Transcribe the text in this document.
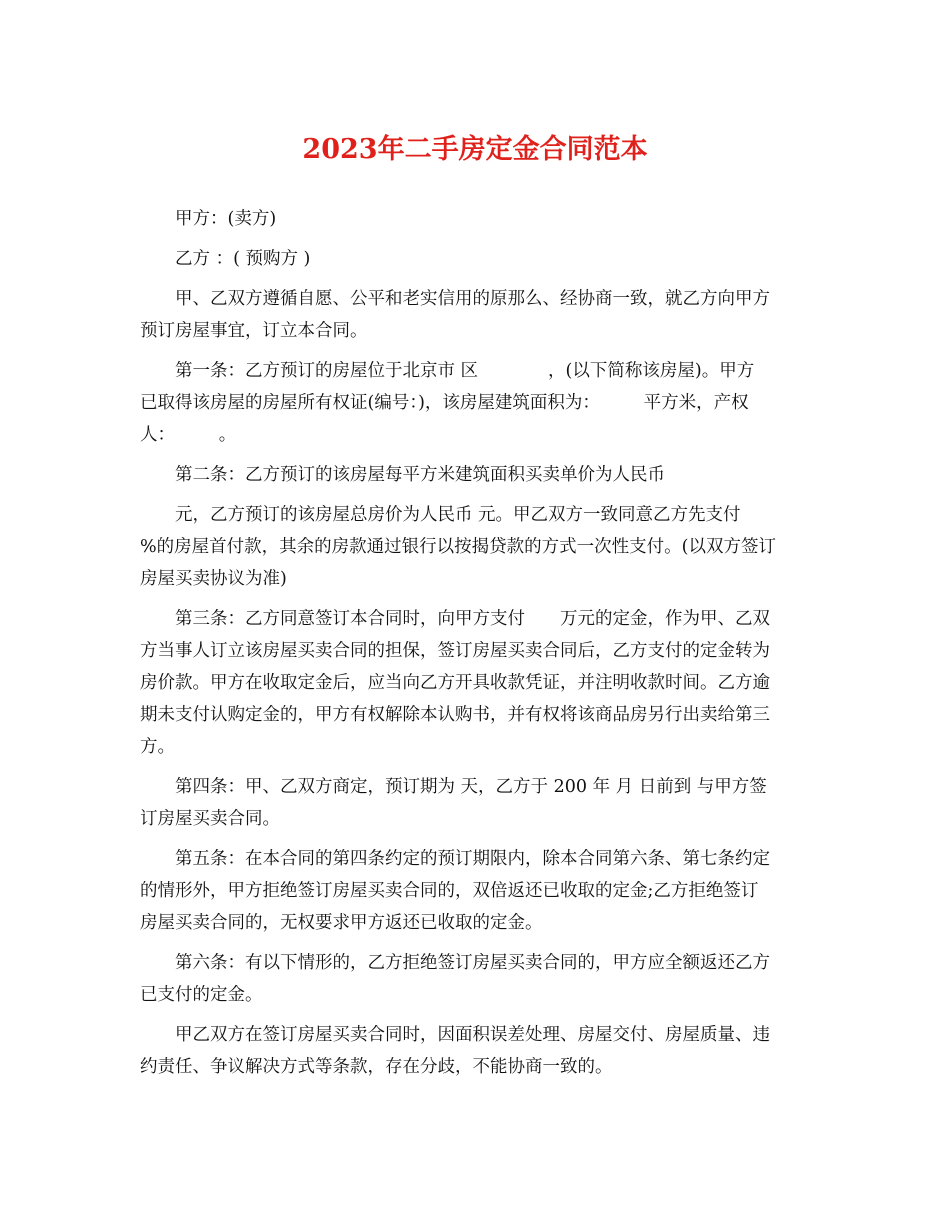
2023年二手房定金合同范本

甲方：(卖方)

乙方 ：( 预购方 )

甲、乙双方遵循自愿、公平和老实信用的原那么、经协商一致，就乙方向甲方

预订房屋事宜，订立本合同。

第一条：乙方预订的房屋位于北京市 区　　　　，(以下简称该房屋)。甲方

已取得该房屋的房屋所有权证(编号：)，该房屋建筑面积为：　　　平方米，产权

人：　　　。

第二条：乙方预订的该房屋每平方米建筑面积买卖单价为人民币

元，乙方预订的该房屋总房价为人民币 元。甲乙双方一致同意乙方先支付

%的房屋首付款，其余的房款通过银行以按揭贷款的方式一次性支付。(以双方签订

房屋买卖协议为准)

第三条：乙方同意签订本合同时，向甲方支付　　万元的定金，作为甲、乙双

方当事人订立该房屋买卖合同的担保，签订房屋买卖合同后，乙方支付的定金转为

房价款。甲方在收取定金后，应当向乙方开具收款凭证，并注明收款时间。乙方逾

期未支付认购定金的，甲方有权解除本认购书，并有权将该商品房另行出卖给第三

方。

第四条：甲、乙双方商定，预订期为 天，乙方于 200 年 月 日前到 与甲方签

订房屋买卖合同。

第五条：在本合同的第四条约定的预订期限内，除本合同第六条、第七条约定

的情形外，甲方拒绝签订房屋买卖合同的，双倍返还已收取的定金;乙方拒绝签订

房屋买卖合同的，无权要求甲方返还已收取的定金。

第六条：有以下情形的，乙方拒绝签订房屋买卖合同的，甲方应全额返还乙方

已支付的定金。

甲乙双方在签订房屋买卖合同时，因面积误差处理、房屋交付、房屋质量、违

约责任、争议解决方式等条款，存在分歧，不能协商一致的。
